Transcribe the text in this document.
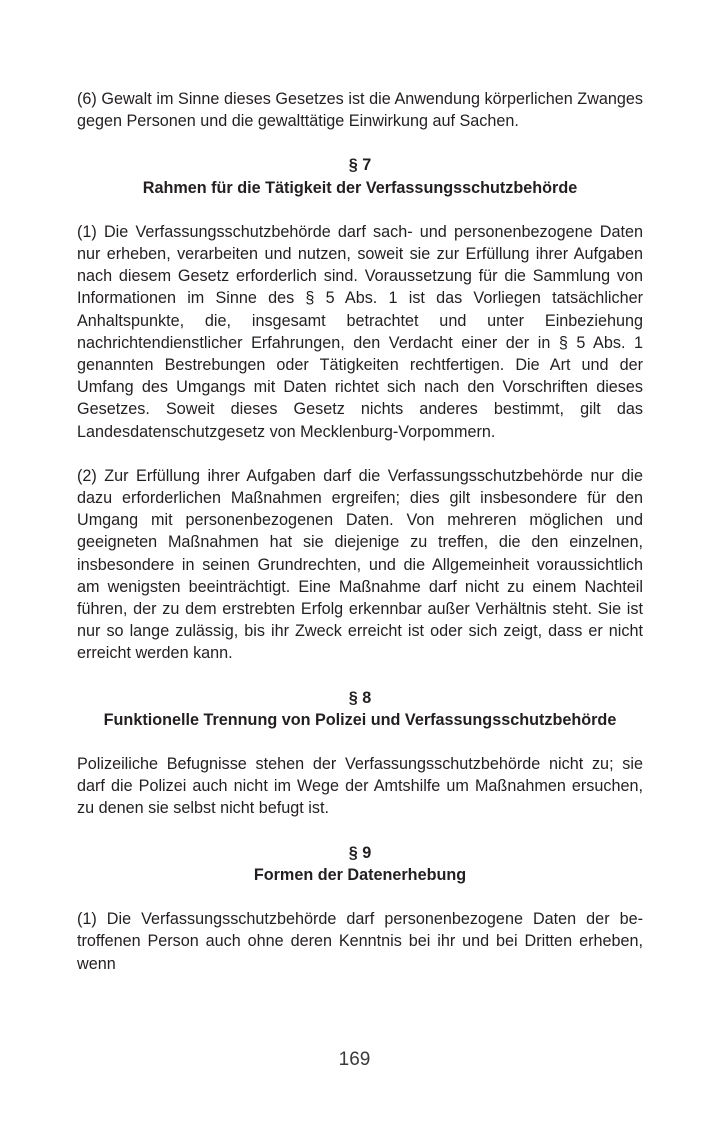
(6) Gewalt im Sinne dieses Gesetzes ist die Anwendung körperlichen Zwanges gegen Personen und die gewalttätige Einwirkung auf Sachen.

§ 7

Rahmen für die Tätigkeit der Verfassungsschutzbehörde

(1) Die Verfassungsschutzbehörde darf sach- und personenbezogene Daten nur erheben, verarbeiten und nutzen, soweit sie zur Erfüllung ihrer Aufgaben nach diesem Gesetz erforderlich sind. Voraussetzung für die Sammlung von Informationen im Sinne des § 5 Abs. 1 ist das Vorliegen tatsächlicher Anhaltspunkte, die, insgesamt betrachtet und unter Einbeziehung nachrichtendienstlicher Erfahrungen, den Verdacht einer der in § 5 Abs. 1 genannten Bestrebungen oder Tätigkeiten rechtfertigen. Die Art und der Umfang des Umgangs mit Daten richtet sich nach den Vorschriften dieses Gesetzes. Soweit dieses Gesetz nichts anderes bestimmt, gilt das Landesdatenschutzgesetz von Mecklenburg-Vorpommern.

(2) Zur Erfüllung ihrer Aufgaben darf die Verfassungsschutzbehörde nur die dazu erforderlichen Maßnahmen ergreifen; dies gilt insbesondere für den Umgang mit personenbezogenen Daten. Von mehreren möglichen und geeigneten Maßnahmen hat sie diejenige zu treffen, die den einzelnen, insbesondere in seinen Grundrechten, und die Allgemeinheit voraussichtlich am wenigsten beeinträchtigt. Eine Maßnahme darf nicht zu einem Nachteil führen, der zu dem erstrebten Erfolg erkennbar außer Verhältnis steht. Sie ist nur so lange zulässig, bis ihr Zweck erreicht ist oder sich zeigt, dass er nicht erreicht werden kann.

§ 8

Funktionelle Trennung von Polizei und Verfassungsschutzbehörde

Polizeiliche Befugnisse stehen der Verfassungsschutzbehörde nicht zu; sie darf die Polizei auch nicht im Wege der Amtshilfe um Maßnahmen ersuchen, zu denen sie selbst nicht befugt ist.

§ 9

Formen der Datenerhebung

(1) Die Verfassungsschutzbehörde darf personenbezogene Daten der betroffenen Person auch ohne deren Kenntnis bei ihr und bei Dritten erheben, wenn

169
